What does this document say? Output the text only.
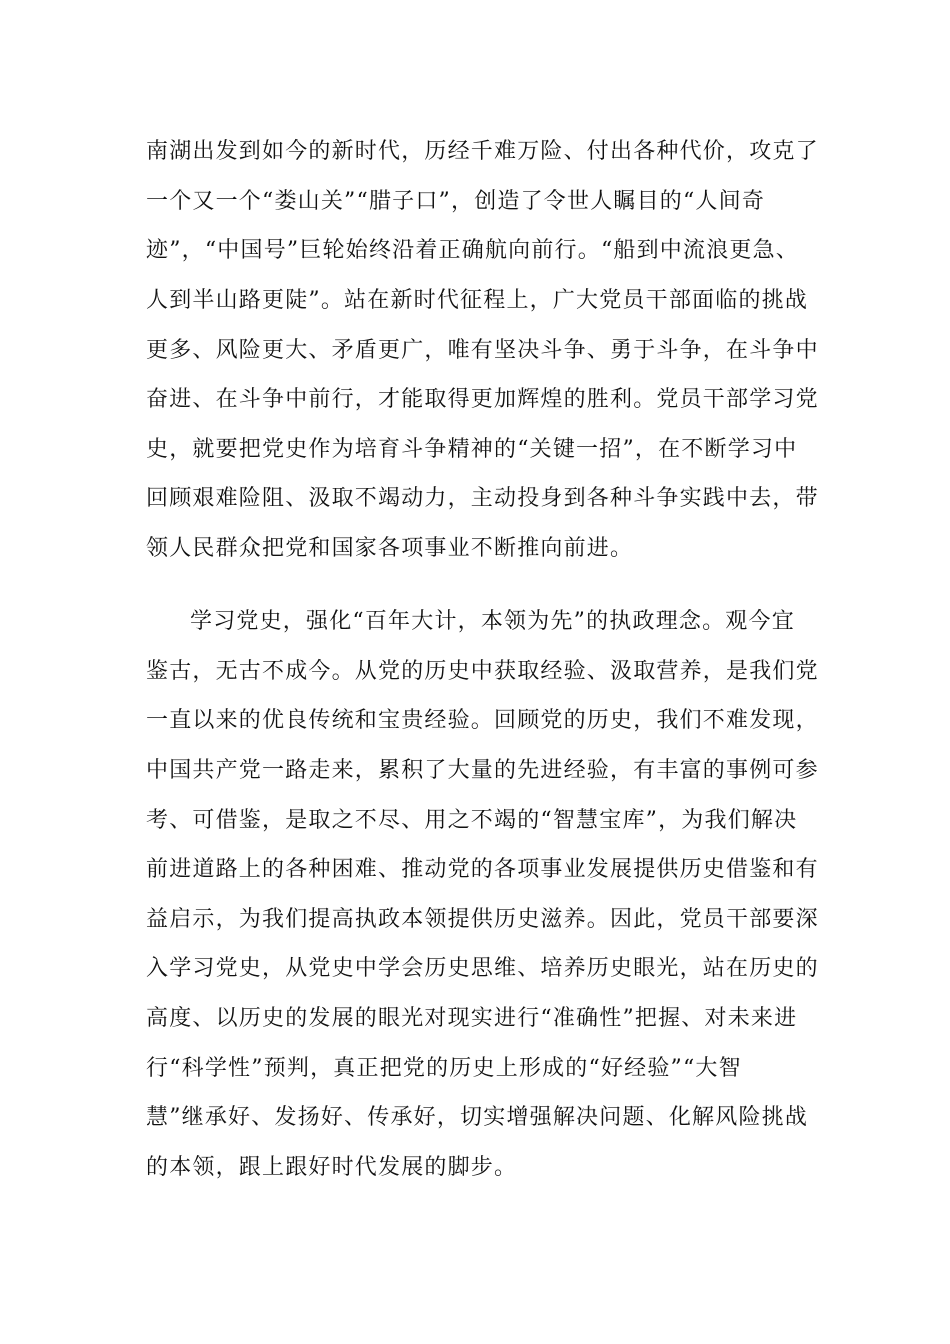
南湖出发到如今的新时代，历经千难万险、付出各种代价，攻克了
一个又一个“娄山关”“腊子口”，创造了令世人瞩目的“人间奇
迹”，“中国号”巨轮始终沿着正确航向前行。“船到中流浪更急、
人到半山路更陡”。站在新时代征程上，广大党员干部面临的挑战
更多、风险更大、矛盾更广，唯有坚决斗争、勇于斗争，在斗争中
奋进、在斗争中前行，才能取得更加辉煌的胜利。党员干部学习党
史，就要把党史作为培育斗争精神的“关键一招”，在不断学习中
回顾艰难险阻、汲取不竭动力，主动投身到各种斗争实践中去，带
领人民群众把党和国家各项事业不断推向前进。
学习党史，强化“百年大计，本领为先”的执政理念。观今宜
鉴古，无古不成今。从党的历史中获取经验、汲取营养，是我们党
一直以来的优良传统和宝贵经验。回顾党的历史，我们不难发现，
中国共产党一路走来，累积了大量的先进经验，有丰富的事例可参
考、可借鉴，是取之不尽、用之不竭的“智慧宝库”，为我们解决
前进道路上的各种困难、推动党的各项事业发展提供历史借鉴和有
益启示，为我们提高执政本领提供历史滋养。因此，党员干部要深
入学习党史，从党史中学会历史思维、培养历史眼光，站在历史的
高度、以历史的发展的眼光对现实进行“准确性”把握、对未来进
行“科学性”预判，真正把党的历史上形成的“好经验”“大智
慧”继承好、发扬好、传承好，切实增强解决问题、化解风险挑战
的本领，跟上跟好时代发展的脚步。
